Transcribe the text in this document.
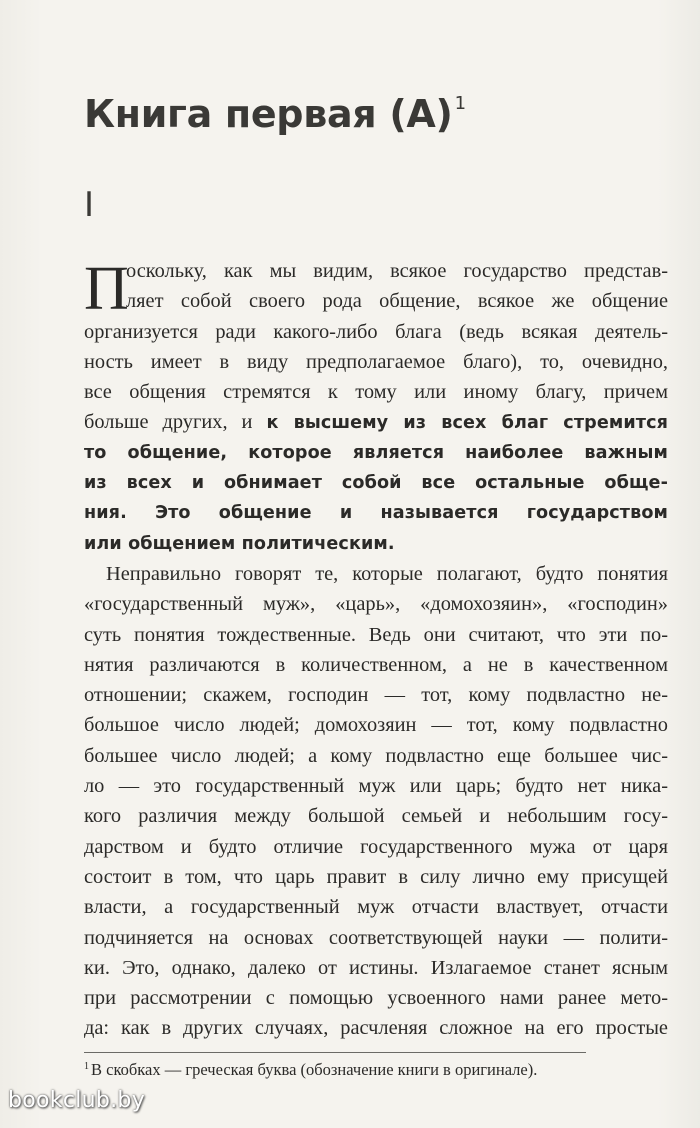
Книга первая (А) $^1$
I
П
оскольку, как мы видим, всякое государство представ-
ляет собой своего рода общение, всякое же общение
организуется ради какого-либо блага (ведь всякая деятель-
ность имеет в виду предполагаемое благо), то, очевидно,
все общения стремятся к тому или иному благу, причем
больше других, и к высшему из всех благ стремится
то общение, которое является наиболее важным
из всех и обнимает собой все остальные обще-
ния. Это общение и называется государством
или общением политическим.
Неправильно говорят те, которые полагают, будто понятия
«государственный муж», «царь», «домохозяин», «господин»
суть понятия тождественные. Ведь они считают, что эти по-
нятия различаются в количественном, а не в качественном
отношении; скажем, господин — тот, кому подвластно не-
большое число людей; домохозяин — тот, кому подвластно
большее число людей; а кому подвластно еще большее чис-
ло — это государственный муж или царь; будто нет ника-
кого различия между большой семьей и небольшим госу-
дарством и будто отличие государственного мужа от царя
состоит в том, что царь правит в силу лично ему присущей
власти, а государственный муж отчасти властвует, отчасти
подчиняется на основах соответствующей науки — полити-
ки. Это, однако, далеко от истины. Излагаемое станет ясным
при рассмотрении с помощью усвоенного нами ранее мето-
да: как в других случаях, расчленяя сложное на его простые
$^1$ В скобках — греческая буква (обозначение книги в оригинале).
bookclub.by
